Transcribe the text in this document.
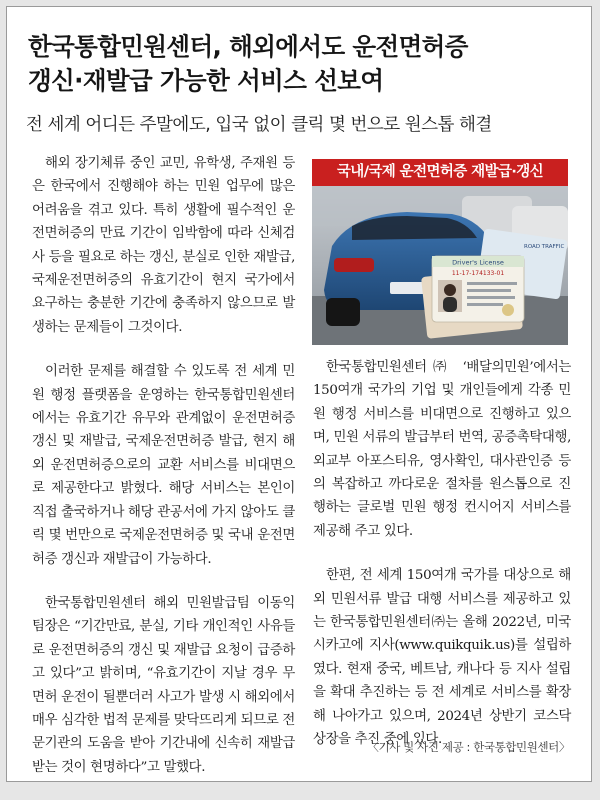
한국통합민원센터, 해외에서도 운전면허증
갱신·재발급 가능한 서비스 선보여

전 세계 어디든 주말에도, 입국 없이 클릭 몇 번으로 원스톱 해결

해외 장기체류 중인 교민, 유학생, 주재원 등은 한국에서 진행해야 하는 민원 업무에 많은 어려움을 겪고 있다. 특히 생활에 필수적인 운전면허증의 만료 기간이 임박함에 따라 신체검사 등을 필요로 하는 갱신, 분실로 인한 재발급, 국제운전면허증의 유효기간이 현지 국가에서 요구하는 충분한 기간에 충족하지 않으므로 발생하는 문제들이 그것이다.

이러한 문제를 해결할 수 있도록 전 세계 민원 행정 플랫폼을 운영하는 한국통합민원센터에서는 유효기간 유무와 관계없이 운전면허증 갱신 및 재발급, 국제운전면허증 발급, 현지 해외 운전면허증으로의 교환 서비스를 비대면으로 제공한다고 밝혔다. 해당 서비스는 본인이 직접 출국하거나 해당 관공서에 가지 않아도 클릭 몇 번만으로 국제운전면허증 및 국내 운전면허증 갱신과 재발급이 가능하다.

한국통합민원센터 해외 민원발급팀 이동익 팀장은 “기간만료, 분실, 기타 개인적인 사유들로 운전면허증의 갱신 및 재발급 요청이 급증하고 있다”고 밝히며, “유효기간이 지날 경우 무면허 운전이 될뿐더러 사고가 발생 시 해외에서 매우 심각한 법적 문제를 맞닥뜨리게 되므로 전문기관의 도움을 받아 기간내에 신속히 재발급 받는 것이 현명하다”고 말했다.

국내/국제 운전면허증 재발급·갱신
Driver's License
11-17-174133-01
ROAD TRAFFIC

한국통합민원센터㈜ ‘배달의민원’에서는 150여개 국가의 기업 및 개인들에게 각종 민원 행정 서비스를 비대면으로 진행하고 있으며, 민원 서류의 발급부터 번역, 공증촉탁대행, 외교부 아포스티유, 영사확인, 대사관인증 등의 복잡하고 까다로운 절차를 원스톱으로 진행하는 글로벌 민원 행정 컨시어지 서비스를 제공해 주고 있다.

한편, 전 세계 150여개 국가를 대상으로 해외 민원서류 발급 대행 서비스를 제공하고 있는 한국통합민원센터㈜는 올해 2022년, 미국 시카고에 지사(www.quikquik.us)를 설립하였다. 현재 중국, 베트남, 캐나다 등 지사 설립을 확대 추진하는 등 전 세계로 서비스를 확장해 나아가고 있으며, 2024년 상반기 코스닥 상장을 추진 중에 있다.

〈기사 및 사진 제공 : 한국통합민원센터〉
